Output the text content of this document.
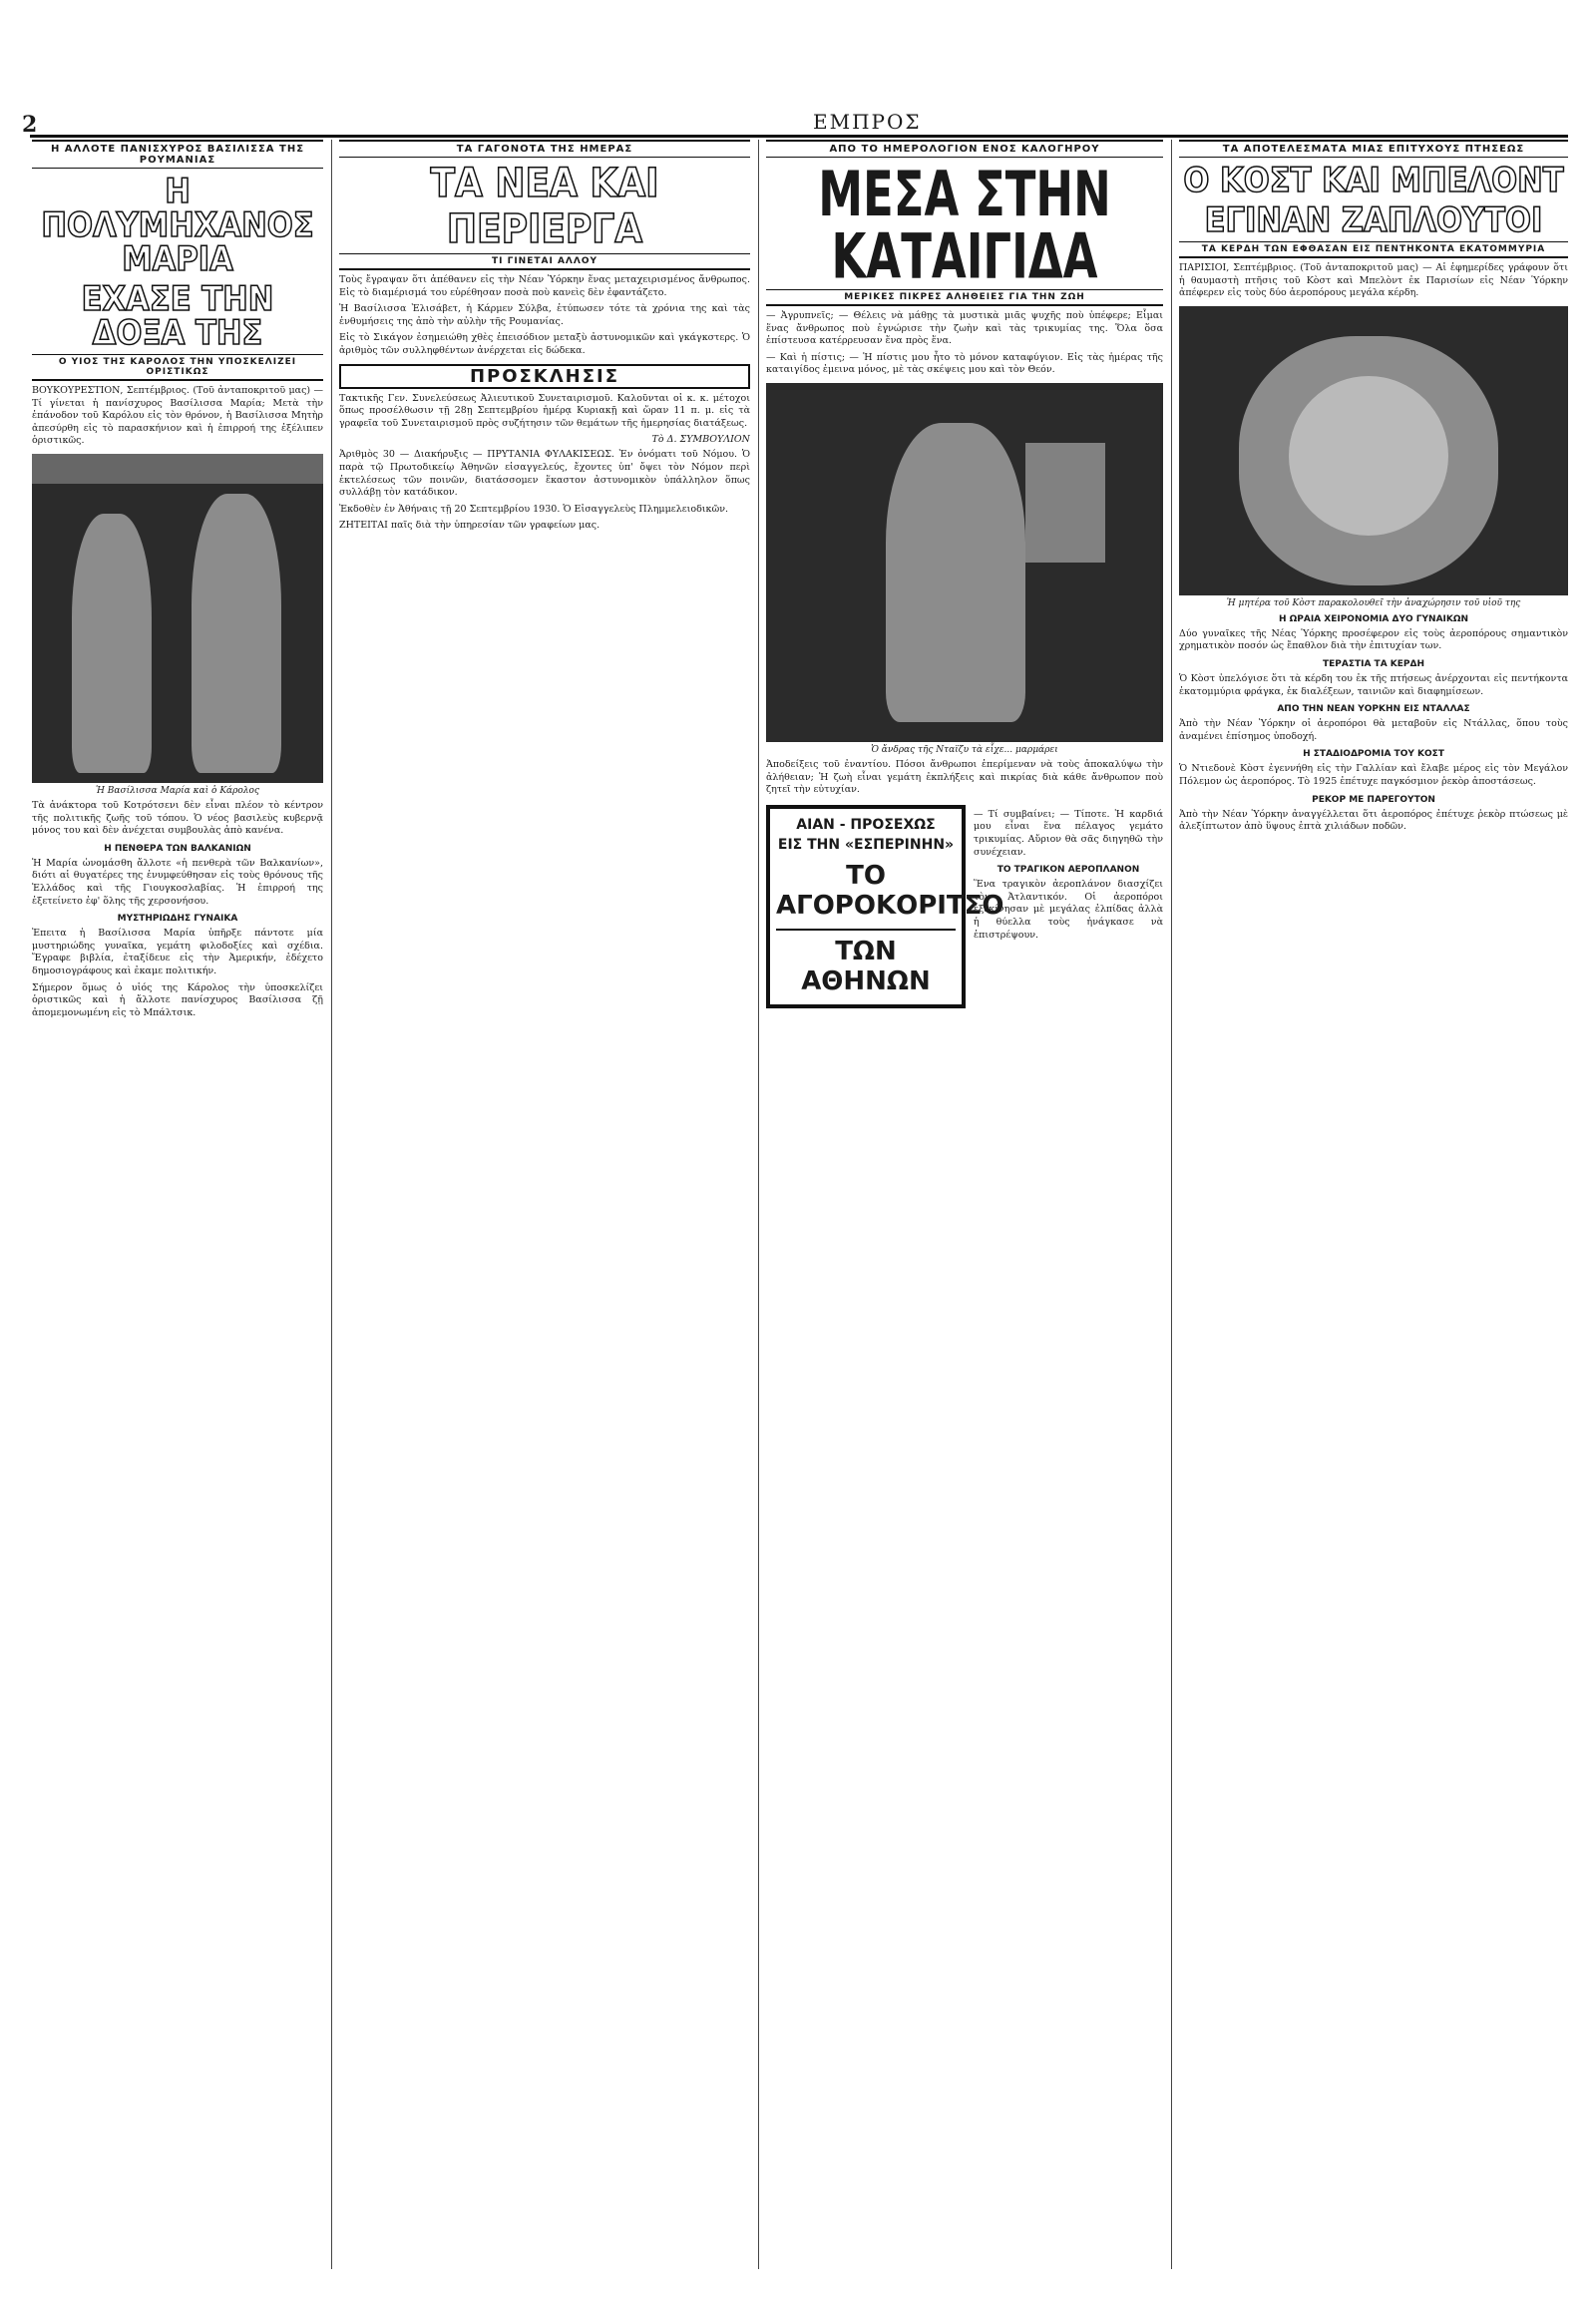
2	ΕΜΠΡΟΣ
Η ΑΛΛΟΤΕ ΠΑΝΙΣΧΥΡΟΣ ΒΑΣΙΛΙΣΣΑ ΤΗΣ ΡΟΥΜΑΝΙΑΣ
Η ΠΟΛΥΜΗΧΑΝΟΣ ΜΑΡΙΑ
ΕΧΑΣΕ ΤΗΝ ΔΟΞΑ ΤΗΣ
Ο ΥΙΟΣ ΤΗΣ ΚΑΡΟΛΟΣ ΤΗΝ ΥΠΟΣΚΕΛΙΖΕΙ ΟΡΙΣΤΙΚΩΣ
ΒΟΥΚΟΥΡΕΣΤΙΟΝ, Σεπτέμβριος. (Τοῦ ἀνταποκριτοῦ μας) — Τί γίνεται ἡ πανίσχυρος Βασίλισσα Μαρία; Μετὰ τὴν ἐπάνοδον τοῦ Καρόλου εἰς τὸν θρόνον, ἡ Βασίλισσα Μητὴρ ἀπεσύρθη εἰς τὸ παρασκήνιον καὶ ἡ ἐπιρροή της ἐξέλιπεν ὁριστικῶς.
Ἡ Βασίλισσα Μαρία καὶ ὁ Κάρολος
Τὰ ἀνάκτορα τοῦ Κοτρότσενι δὲν εἶναι πλέον τὸ κέντρον τῆς πολιτικῆς ζωῆς τοῦ τόπου. Ὁ νέος βασιλεὺς κυβερνᾷ μόνος του καὶ δὲν ἀνέχεται συμβουλὰς ἀπὸ κανένα.
Η ΠΕΝΘΕΡΑ ΤΩΝ ΒΑΛΚΑΝΙΩΝ
Ἡ Μαρία ὠνομάσθη ἄλλοτε «ἡ πενθερὰ τῶν Βαλκανίων», διότι αἱ θυγατέρες της ἐνυμφεύθησαν εἰς τοὺς θρόνους τῆς Ἑλλάδος καὶ τῆς Γιουγκοσλαβίας. Ἡ ἐπιρροή της ἐξετείνετο ἐφ' ὅλης τῆς χερσονήσου.
ΜΥΣΤΗΡΙΩΔΗΣ ΓΥΝΑΙΚΑ
Ἐπειτα ἡ Βασίλισσα Μαρία ὑπῆρξε πάντοτε μία μυστηριώδης γυναῖκα, γεμάτη φιλοδοξίες καὶ σχέδια. Ἔγραφε βιβλία, ἐταξίδευε εἰς τὴν Ἀμερικήν, ἐδέχετο δημοσιογράφους καὶ ἐκαμε πολιτικήν.
Σήμερον ὅμως ὁ υἱός της Κάρολος τὴν ὑποσκελίζει ὁριστικῶς καὶ ἡ ἄλλοτε πανίσχυρος Βασίλισσα ζῇ ἀπομεμονωμένη εἰς τὸ Μπάλτσικ.
ΤΑ ΓΑΓΟΝΟΤΑ ΤΗΣ ΗΜΕΡΑΣ
ΤΑ ΝΕΑ ΚΑΙ
ΠΕΡΙΕΡΓΑ
ΤΙ ΓΙΝΕΤΑΙ ΑΛΛΟΥ
Τοὺς ἔγραψαν ὅτι ἀπέθανεν εἰς τὴν Νέαν Ὑόρκην ἕνας μεταχειρισμένος ἄνθρωπος. Εἰς τὸ διαμέρισμά του εὑρέθησαν ποσὰ ποὺ κανεὶς δὲν ἐφαντάζετο.
Ἡ Βασίλισσα Ἐλισάβετ, ἡ Κάρμεν Σύλβα, ἐτύπωσεν τότε τὰ χρόνια της καὶ τὰς ἐνθυμήσεις της ἀπὸ τὴν αὐλὴν τῆς Ρουμανίας.
Εἰς τὸ Σικάγον ἐσημειώθη χθὲς ἐπεισόδιον μεταξὺ ἀστυνομικῶν καὶ γκάγκστερς. Ὁ ἀριθμὸς τῶν συλληφθέντων ἀνέρχεται εἰς δώδεκα.
ΠΡΟΣΚΛΗΣΙΣ
Τακτικῆς Γεν. Συνελεύσεως Ἀλιευτικοῦ Συνεταιρισμοῦ. Καλοῦνται οἱ κ. κ. μέτοχοι ὅπως προσέλθωσιν τῇ 28ῃ Σεπτεμβρίου ἡμέρᾳ Κυριακῇ καὶ ὥραν 11 π. μ. εἰς τὰ γραφεῖα τοῦ Συνεταιρισμοῦ πρὸς συζήτησιν τῶν θεμάτων τῆς ἡμερησίας διατάξεως.
Τὸ Δ. ΣΥΜΒΟΥΛΙΟΝ
Ἀριθμὸς 30 — Διακήρυξις — ΠΡΥΤΑΝΙΑ ΦΥΛΑΚΙΣΕΩΣ. Ἐν ὀνόματι τοῦ Νόμου. Ὁ παρὰ τῷ Πρωτοδικείῳ Ἀθηνῶν εἰσαγγελεύς, ἔχοντες ὑπ' ὄψει τὸν Νόμον περὶ ἐκτελέσεως τῶν ποινῶν, διατάσσομεν ἕκαστον ἀστυνομικὸν ὑπάλληλον ὅπως συλλάβῃ τὸν κατάδικον.
Ἐκδοθὲν ἐν Ἀθήναις τῇ 20 Σεπτεμβρίου 1930. Ὁ Εἰσαγγελεὺς Πλημμελειοδικῶν.
ΖΗΤΕΙΤΑΙ παῖς διὰ τὴν ὑπηρεσίαν τῶν γραφείων μας.
ΑΠΟ ΤΟ ΗΜΕΡΟΛΟΓΙΟΝ ΕΝΟΣ ΚΑΛΟΓΗΡΟΥ
ΜΕΣΑ ΣΤΗΝ ΚΑΤΑΙΓΙΔΑ
ΜΕΡΙΚΕΣ ΠΙΚΡΕΣ ΑΛΗΘΕΙΕΣ ΓΙΑ ΤΗΝ ΖΩΗ
— Ἀγρυπνεῖς; — Θέλεις νὰ μάθῃς τὰ μυστικὰ μιᾶς ψυχῆς ποὺ ὑπέφερε; Εἶμαι ἕνας ἄνθρωπος ποὺ ἐγνώρισε τὴν ζωὴν καὶ τὰς τρικυμίας της. Ὅλα ὅσα ἐπίστευσα κατέρρευσαν ἕνα πρὸς ἕνα.
— Καὶ ἡ πίστις; — Ἡ πίστις μου ἦτο τὸ μόνον καταφύγιον. Εἰς τὰς ἡμέρας τῆς καταιγίδος ἐμεινα μόνος, μὲ τὰς σκέψεις μου καὶ τὸν Θεόν.
Ὁ ἄνδρας τῆς Νταϊζυ τὰ εἶχε... μαρμάρει
Ἀποδείξεις τοῦ ἐναντίου. Πόσοι ἄνθρωποι ἐπερίμεναν νὰ τοὺς ἀποκαλύψω τὴν ἀλήθειαν; Ἡ ζωὴ εἶναι γεμάτη ἐκπλήξεις καὶ πικρίας διὰ κάθε ἄνθρωπον ποὺ ζητεῖ τὴν εὐτυχίαν.
ΑΙΑΝ - ΠΡΟΣΕΧΩΣ
ΕΙΣ ΤΗΝ «ΕΣΠΕΡΙΝΗΝ»
ΤΟ ΑΓΟΡΟΚΟΡΙΤΣΟ
ΤΩΝ ΑΘΗΝΩΝ
— Τί συμβαίνει; — Τίποτε. Ἡ καρδιά μου εἶναι ἕνα πέλαγος γεμάτο τρικυμίας. Αὔριον θὰ σᾶς διηγηθῶ τὴν συνέχειαν.
ΤΟ ΤΡΑΓΙΚΟΝ ΑΕΡΟΠΛΑΝΟΝ
Ἕνα τραγικὸν ἀεροπλάνον διασχίζει τὸν Ἀτλαντικόν. Οἱ ἀεροπόροι ἐξεκίνησαν μὲ μεγάλας ἐλπίδας ἀλλὰ ἡ θύελλα τοὺς ἠνάγκασε νὰ ἐπιστρέψουν.
ΤΑ ΑΠΟΤΕΛΕΣΜΑΤΑ ΜΙΑΣ ΕΠΙΤΥΧΟΥΣ ΠΤΗΣΕΩΣ
Ο ΚΟΣΤ ΚΑΙ ΜΠΕΛΟΝΤ
ΕΓΙΝΑΝ ΖΑΠΛΟΥΤΟΙ
ΤΑ ΚΕΡΔΗ ΤΩΝ ΕΦΘΑΣΑΝ ΕΙΣ ΠΕΝΤΗΚΟΝΤΑ ΕΚΑΤΟΜΜΥΡΙΑ
ΠΑΡΙΣΙΟΙ, Σεπτέμβριος. (Τοῦ ἀνταποκριτοῦ μας) — Αἱ ἐφημερίδες γράφουν ὅτι ἡ θαυμαστὴ πτῆσις τοῦ Κὸστ καὶ Μπελὸντ ἐκ Παρισίων εἰς Νέαν Ὑόρκην ἀπέφερεν εἰς τοὺς δύο ἀεροπόρους μεγάλα κέρδη.
Ἡ μητέρα τοῦ Κὸστ παρακολουθεῖ τὴν ἀναχώρησιν τοῦ υἱοῦ της
Η ΩΡΑΙΑ ΧΕΙΡΟΝΟΜΙΑ ΔΥΟ ΓΥΝΑΙΚΩΝ
Δύο γυναῖκες τῆς Νέας Ὑόρκης προσέφερον εἰς τοὺς ἀεροπόρους σημαντικὸν χρηματικὸν ποσόν ὡς ἔπαθλον διὰ τὴν ἐπιτυχίαν των.
ΤΕΡΑΣΤΙΑ ΤΑ ΚΕΡΔΗ
Ὁ Κὸστ ὑπελόγισε ὅτι τὰ κέρδη του ἐκ τῆς πτήσεως ἀνέρχονται εἰς πεντήκοντα ἑκατομμύρια φράγκα, ἐκ διαλέξεων, ταινιῶν καὶ διαφημίσεων.
ΑΠΟ ΤΗΝ ΝΕΑΝ ΥΟΡΚΗΝ ΕΙΣ ΝΤΑΛΛΑΣ
Ἀπὸ τὴν Νέαν Ὑόρκην οἱ ἀεροπόροι θὰ μεταβοῦν εἰς Ντάλλας, ὅπου τοὺς ἀναμένει ἐπίσημος ὑποδοχή.
Η ΣΤΑΔΙΟΔΡΟΜΙΑ ΤΟΥ ΚΟΣΤ
Ὁ Ντιεδονὲ Κὸστ ἐγεννήθη εἰς τὴν Γαλλίαν καὶ ἔλαβε μέρος εἰς τὸν Μεγάλον Πόλεμον ὡς ἀεροπόρος. Τὸ 1925 ἐπέτυχε παγκόσμιον ῥεκὸρ ἀποστάσεως.
ΡΕΚΟΡ ΜΕ ΠΑΡΕΓΟΥΤΟΝ
Ἀπὸ τὴν Νέαν Ὑόρκην ἀναγγέλλεται ὅτι ἀεροπόρος ἐπέτυχε ῥεκὸρ πτώσεως μὲ ἀλεξίπτωτον ἀπὸ ὕψους ἑπτὰ χιλιάδων ποδῶν.
